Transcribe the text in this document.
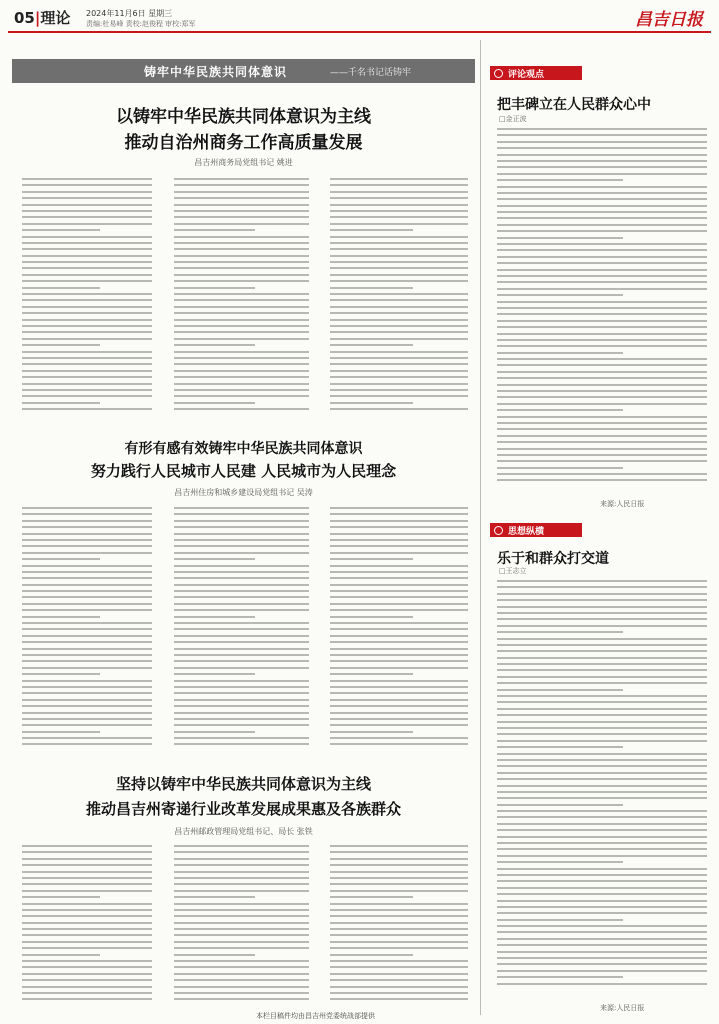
05|理论 2024年11月6日 星期三
责编:杜易峰 责校:赵俊程 审校:郑军	昌吉日报
铸牢中华民族共同体意识	——千名书记话铸牢
以铸牢中华民族共同体意识为主线
推动自治州商务工作高质量发展
昌吉州商务局党组书记 姚进
有形有感有效铸牢中华民族共同体意识
努力践行人民城市人民建 人民城市为人民理念
昌吉州住房和城乡建设局党组书记 吴涛
坚持以铸牢中华民族共同体意识为主线
推动昌吉州寄递行业改革发展成果惠及各族群众
昌吉州邮政管理局党组书记、局长 张铁
本栏目稿件均由昌吉州党委统战部提供
评论观点
把丰碑立在人民群众心中
□金正波
来源:人民日报
思想纵横
乐于和群众打交道
□王志立
来源:人民日报
